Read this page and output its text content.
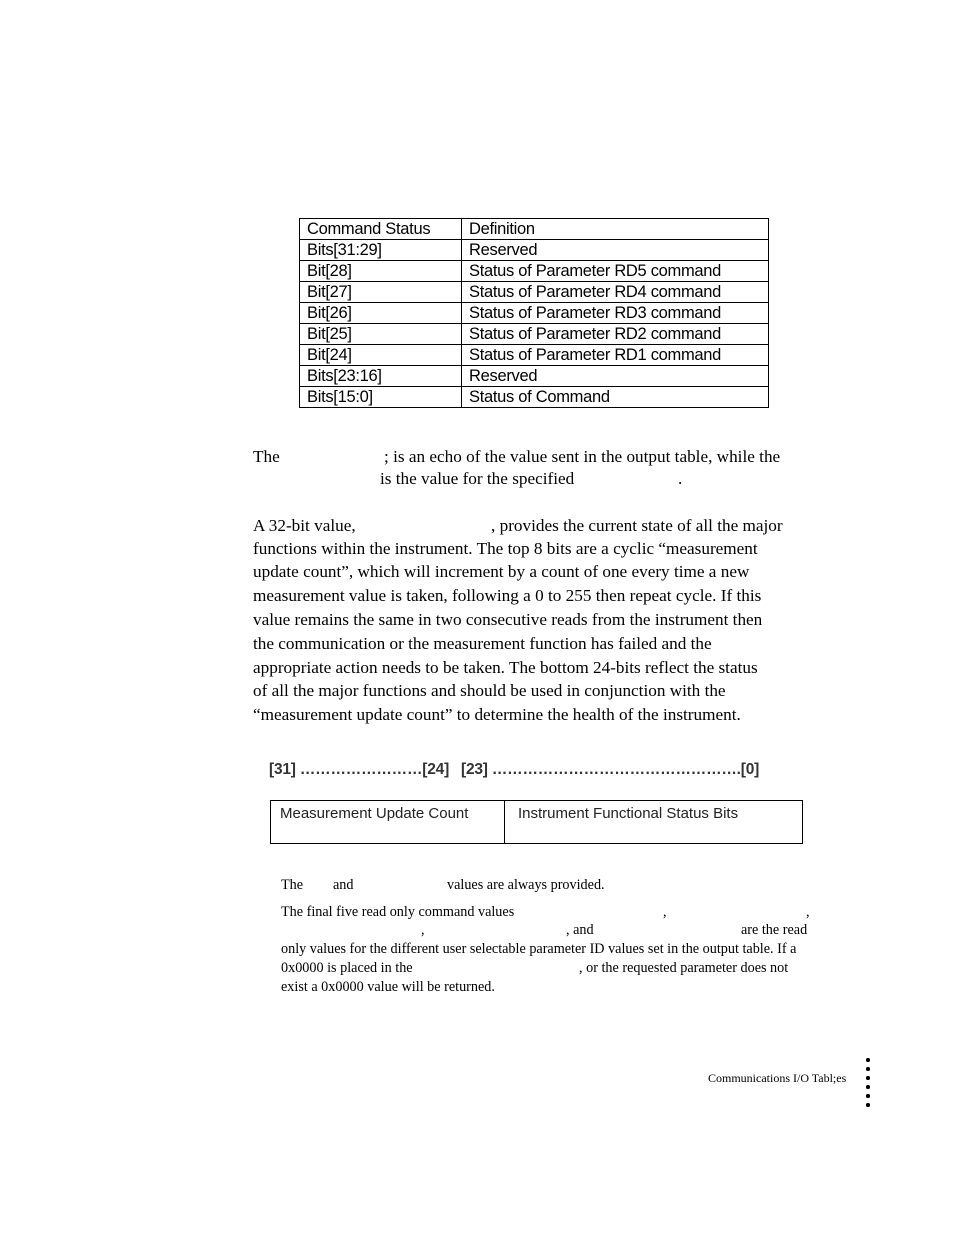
Command Status	Definition
Bits[31:29]	Reserved
Bit[28]	Status of Parameter RD5 command
Bit[27]	Status of Parameter RD4 command
Bit[26]	Status of Parameter RD3 command
Bit[25]	Status of Parameter RD2 command
Bit[24]	Status of Parameter RD1 command
Bits[23:16]	Reserved
Bits[15:0]	Status of Command
The	; is an echo of the value sent in the output table, while the
is the value for the specified	.
A 32-bit value,	, provides the current state of all the major
functions within the instrument. The top 8 bits are a cyclic “measurement
update count”, which will increment by a count of one every time a new
measurement value is taken, following a 0 to 255 then repeat cycle. If this
value remains the same in two consecutive reads from the instrument then
the communication or the measurement function has failed and the
appropriate action needs to be taken. The bottom 24-bits reflect the status
of all the major functions and should be used in conjunction with the
“measurement update count” to determine the health of the instrument.
[31] ……………………[24] [23] ………………………………………….[0]
Measurement Update Count	Instrument Functional Status Bits
The and	values are always provided.
The final five read only command values	,	,
,	, and	are the read
only values for the different user selectable parameter ID values set in the output table. If a
0x0000 is placed in the	, or the requested parameter does not
exist a 0x0000 value will be returned.
Communications I/O Tabl;es
